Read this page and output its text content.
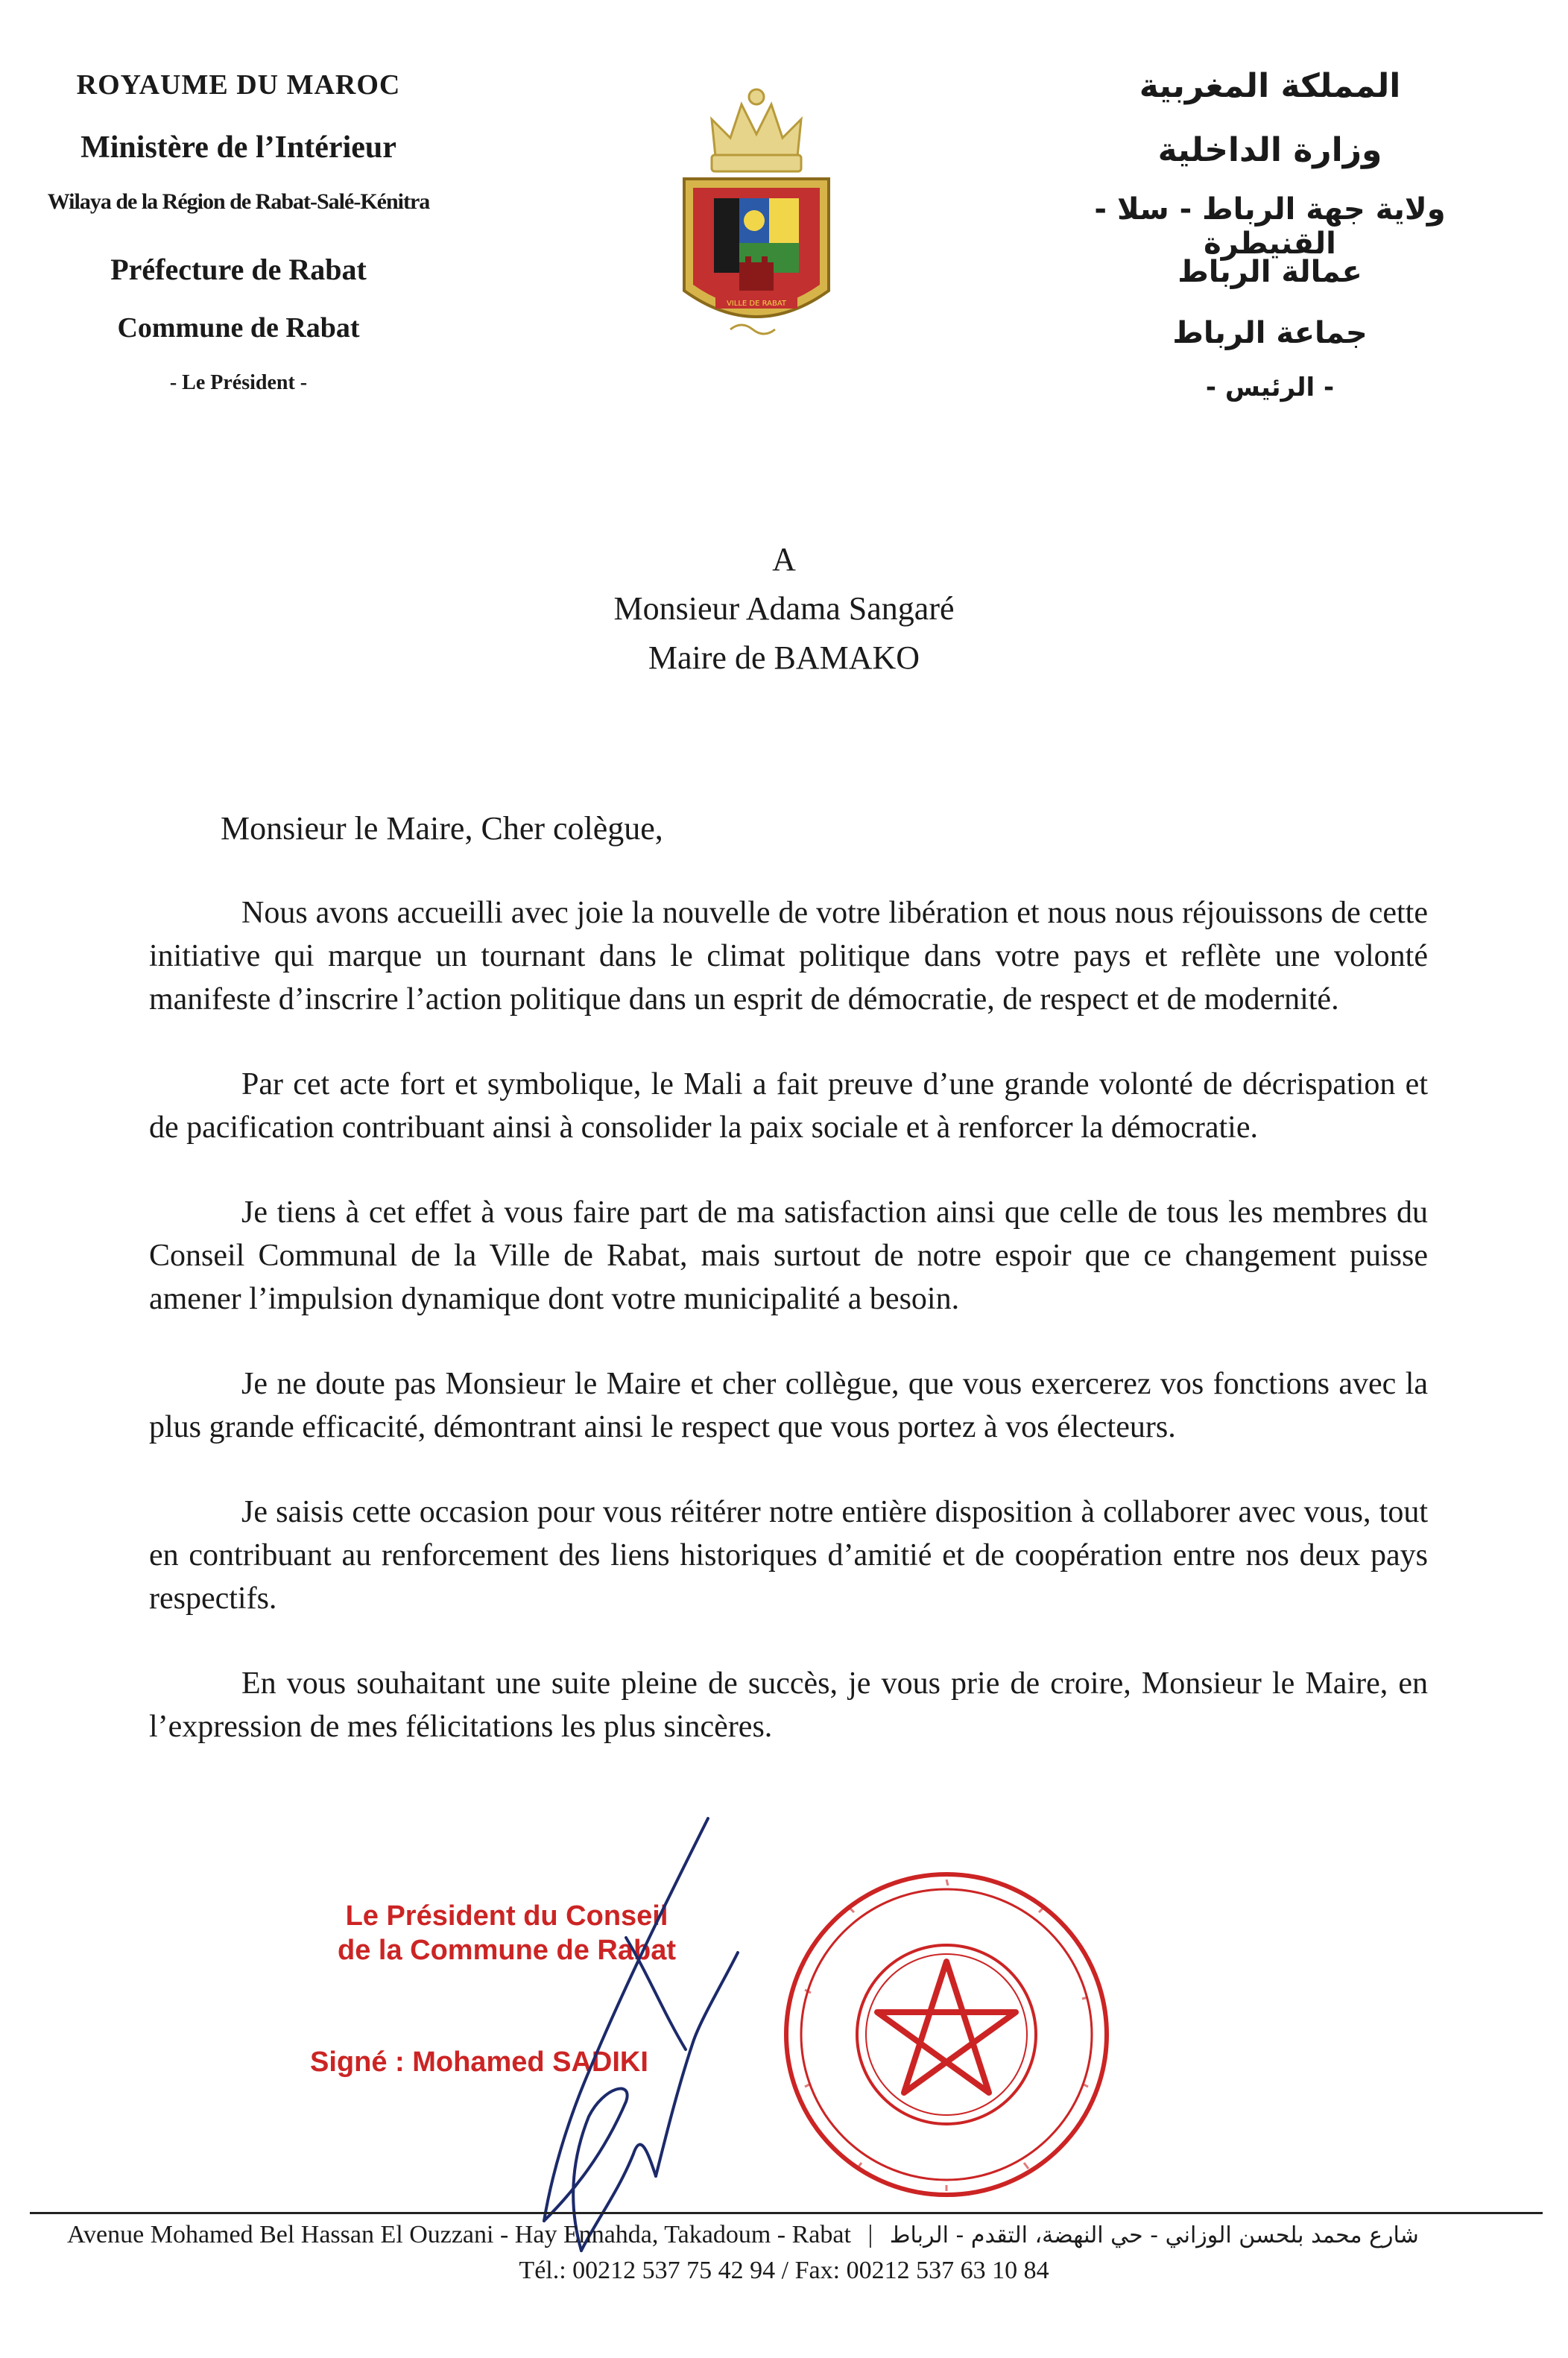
ROYAUME DU MAROC
Ministère de l’Intérieur
Wilaya de la Région de Rabat-Salé-Kénitra
Préfecture de Rabat
Commune de Rabat
- Le Président -
VILLE DE RABAT
المملكة المغربية
وزارة الداخلية
ولاية جهة الرباط - سلا - القنيطرة
عمالة الرباط
جماعة الرباط
- الرئيس -
A
Monsieur Adama Sangaré
Maire de BAMAKO
Monsieur le Maire, Cher colègue,

Nous avons accueilli avec joie la nouvelle de votre libération et nous nous réjouissons de cette initiative qui marque un tournant dans le climat politique dans votre pays et reflète une volonté manifeste d’inscrire l’action politique dans un esprit de démocratie, de respect et de modernité.

Par cet acte fort et symbolique, le Mali a fait preuve d’une grande volonté de décrispation et de pacification contribuant ainsi à consolider la paix sociale et à renforcer la démocratie.

Je tiens à cet effet à vous faire part de ma satisfaction ainsi que celle de tous les membres du Conseil Communal de la Ville de Rabat, mais surtout de notre espoir que ce changement puisse amener l’impulsion dynamique dont votre municipalité a besoin.

Je ne doute pas Monsieur le Maire et cher collègue, que vous exercerez vos fonctions avec la plus grande efficacité, démontrant ainsi le respect que vous portez à vos électeurs.

Je saisis cette occasion pour vous réitérer notre entière disposition à collaborer avec vous, tout en contribuant au renforcement des liens historiques d’amitié et de coopération entre nos deux pays respectifs.

En vous souhaitant une suite pleine de succès, je vous prie de croire, Monsieur le Maire, en l’expression de mes félicitations les plus sincères.

Le Président du Conseil
de la Commune de Rabat
Signé : Mohamed SADIKI
Avenue Mohamed Bel Hassan El Ouzzani - Hay Ennahda, Takadoum - Rabat | شارع محمد بلحسن الوزاني - حي النهضة، التقدم - الرباط
Tél.: 00212 537 75 42 94 / Fax: 00212 537 63 10 84
